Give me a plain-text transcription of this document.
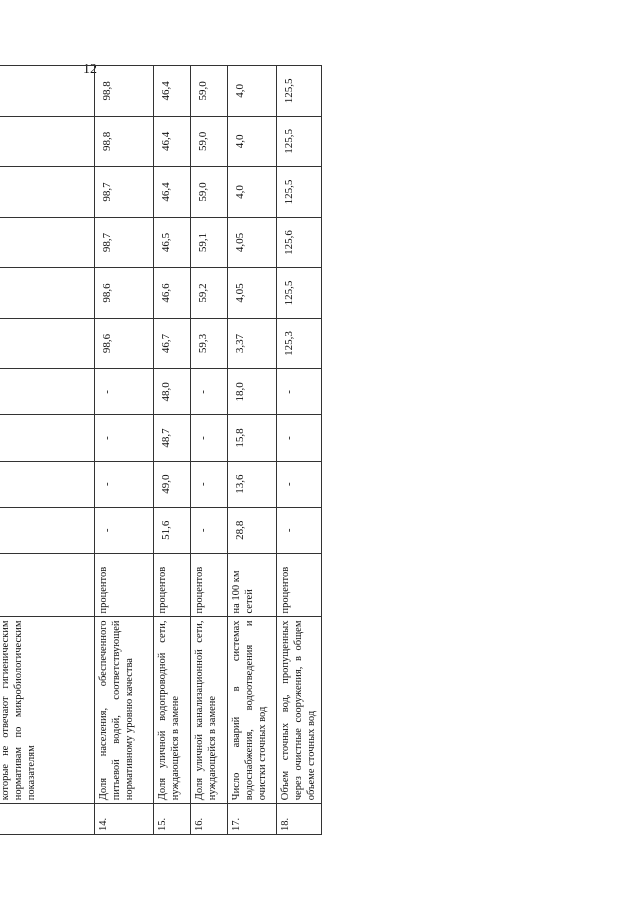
12

	которые не отвечают гигиеническим нормативам по микробиологическим показателям											
14.	Доля населения, обеспеченного питьевой водой, соответствующей нормативному уровню качества	процентов	-	-	-	-	98,6	98,6	98,7	98,7	98,8	98,8
15.	Доля уличной водопроводной сети, нуждающейся в замене	процентов	51,6	49,0	48,7	48,0	46,7	46,6	46,5	46,4	46,4	46,4
16.	Доля уличной канализационной сети, нуждающейся в замене	процентов	-	-	-	-	59,3	59,2	59,1	59,0	59,0	59,0
17.	Число аварий в системах водоснабжения, водоотведения и очистки сточных вод	на 100 км сетей	28,8	13,6	15,8	18,0	3,37	4,05	4,05	4,0	4,0	4,0
18.	Объем сточных вод, пропущенных через очистные сооружения, в общем объеме сточных вод	процентов	-	-	-	-	125,3	125,5	125,6	125,5	125,5	125,5
